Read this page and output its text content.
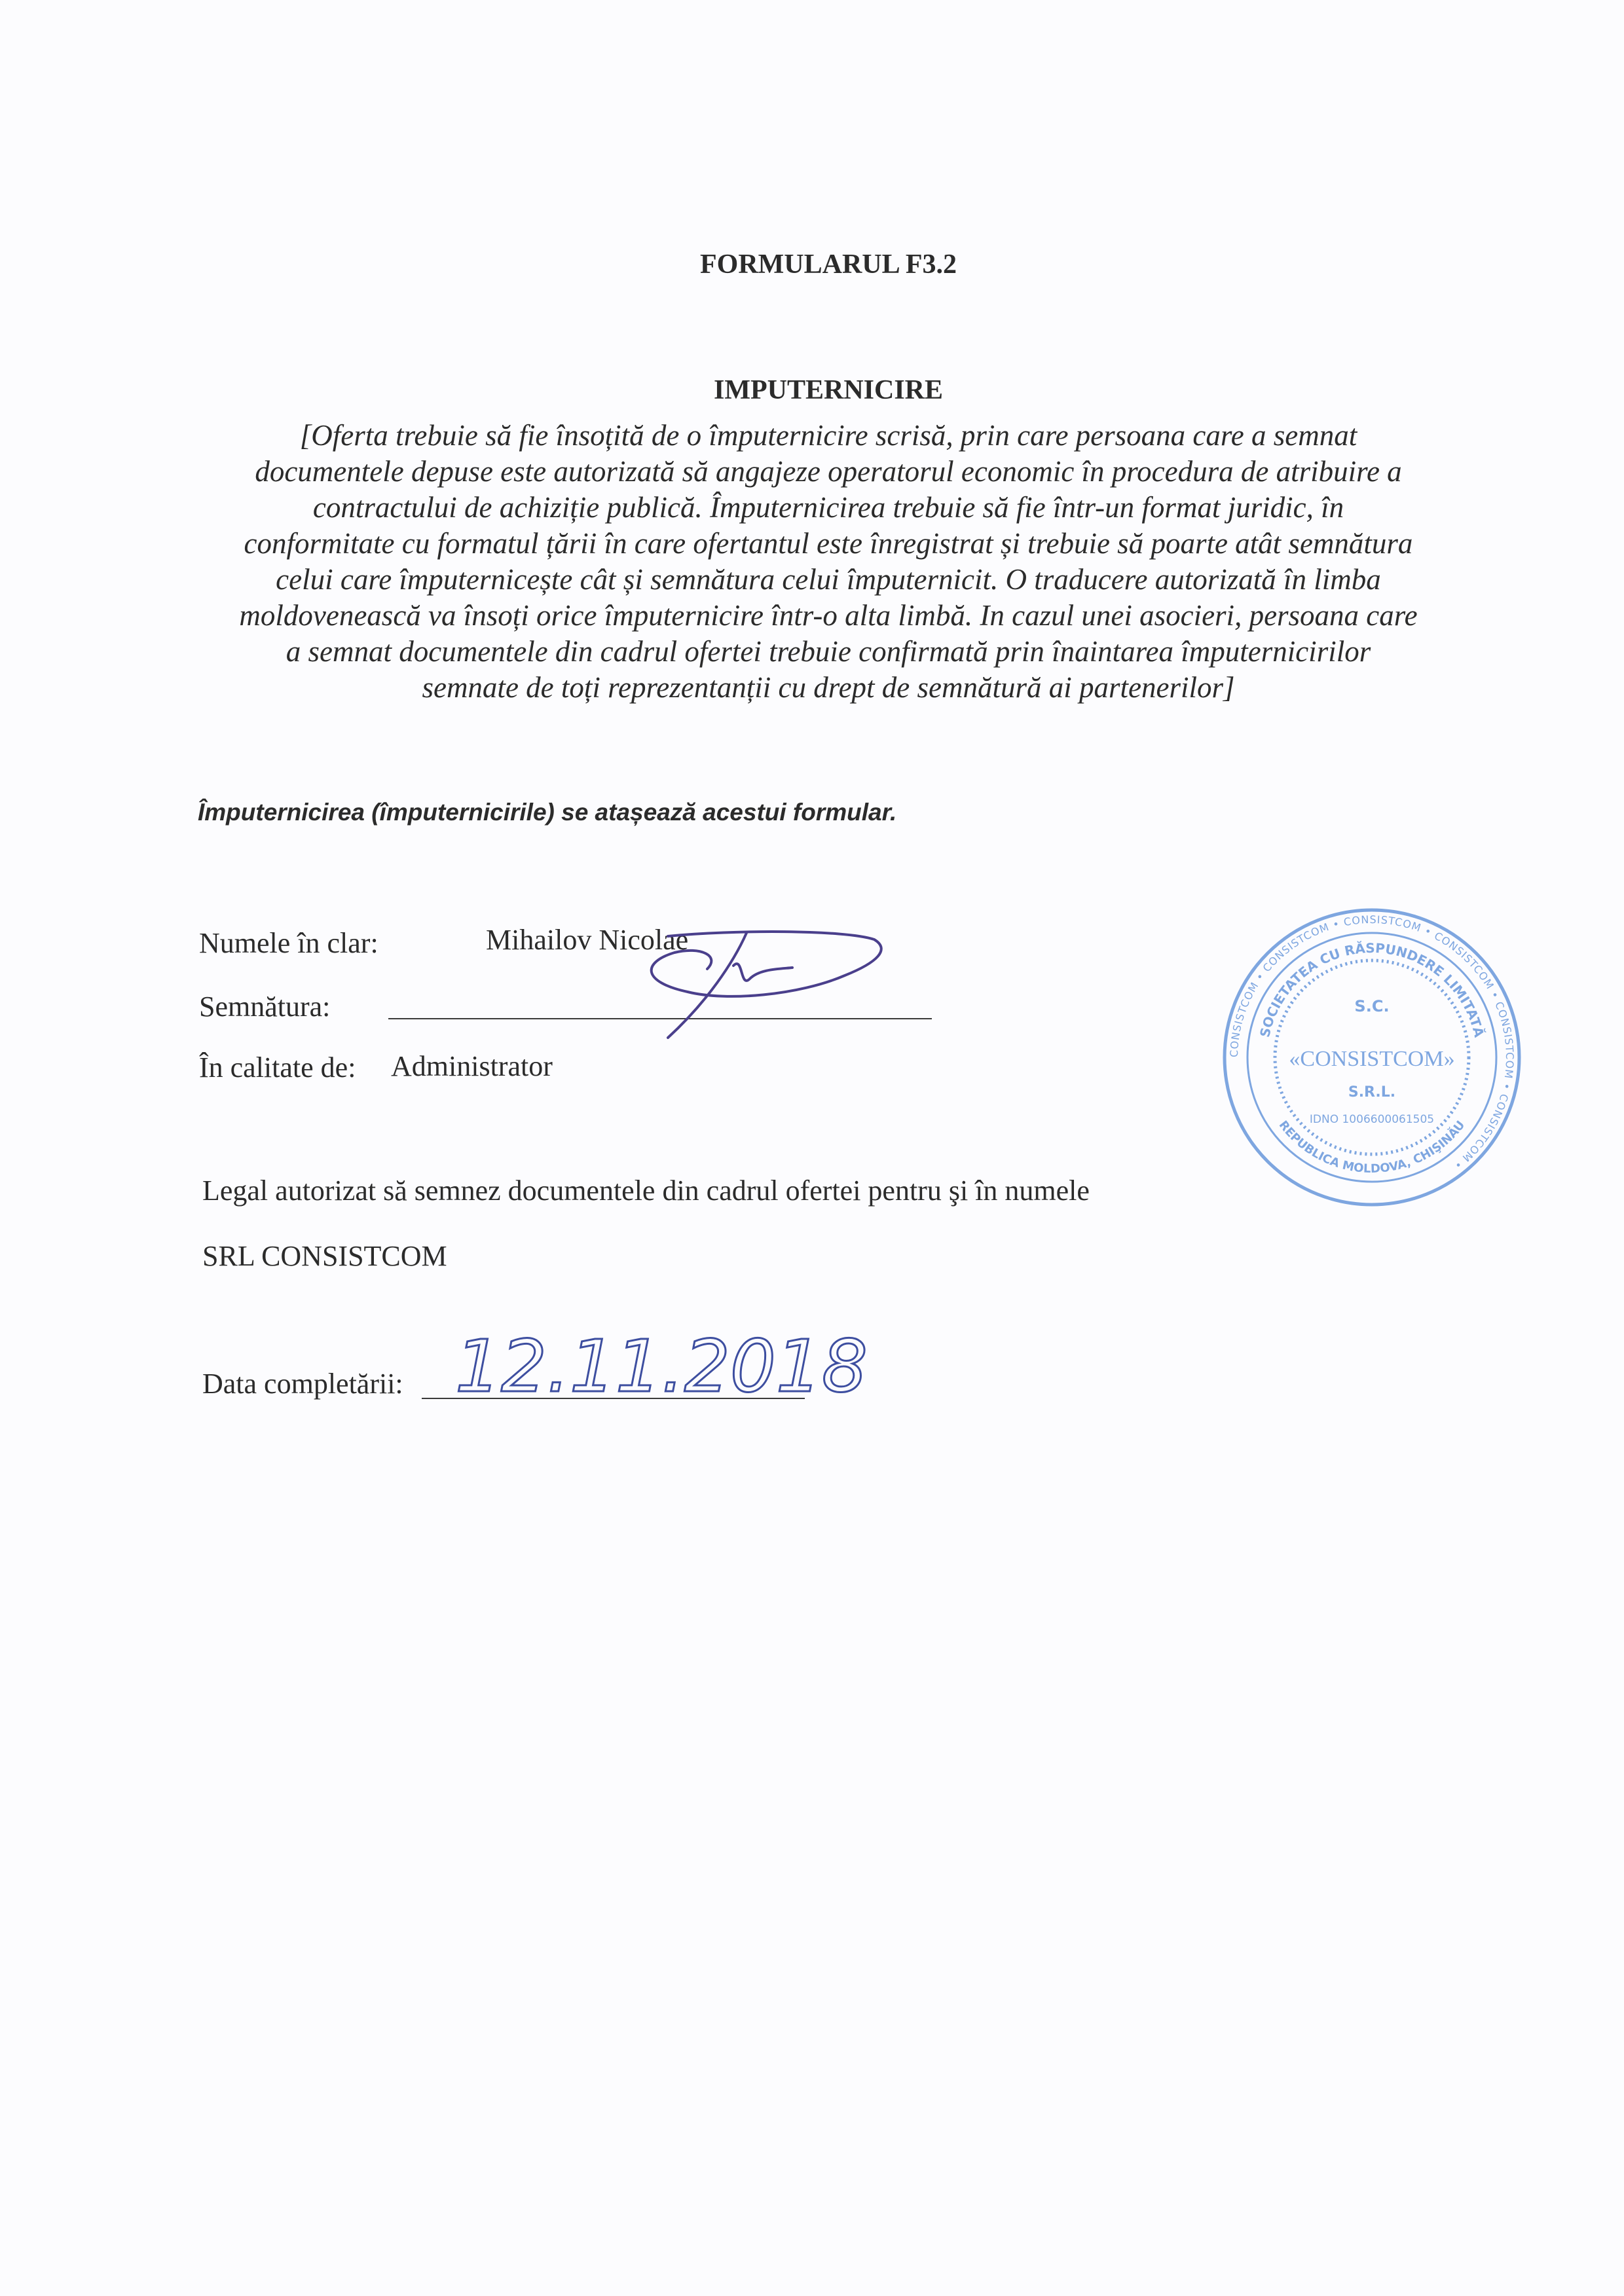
FORMULARUL F3.2
IMPUTERNICIRE
[Oferta trebuie să fie însoțită de o împuternicire scrisă, prin care persoana care a semnat
documentele depuse este autorizată să angajeze operatorul economic în procedura de atribuire a
contractului de achiziție publică. Împuternicirea trebuie să fie într-un format juridic, în
conformitate cu formatul țării în care ofertantul este înregistrat și trebuie să poarte atât semnătura
celui care împuternicește cât și semnătura celui împuternicit. O traducere autorizată în limba
moldovenească va însoți orice împuternicire într-o alta limbă. In cazul unei asocieri, persoana care
a semnat documentele din cadrul ofertei trebuie confirmată prin înaintarea împuternicirilor
semnate de toți reprezentanții cu drept de semnătură ai partenerilor]
Împuternicirea (împuternicirile) se atașează acestui formular.
Numele în clar:	Mihailov Nicolae
Semnătura:
În calitate de: Administrator
Legal autorizat să semnez documentele din cadrul ofertei pentru şi în numele
SRL CONSISTCOM
Data completării: 12.11.2018
CONSISTCOM • CONSISTCOM • CONSISTCOM • CONSISTCOM • CONSISTCOM • CONSISTCOM •
SOCIETATEA CU RĂSPUNDERE LIMITATĂ
REPUBLICA MOLDOVA, CHIŞINĂU
S.C.
«CONSISTCOM»
S.R.L.
IDNO 1006600061505
